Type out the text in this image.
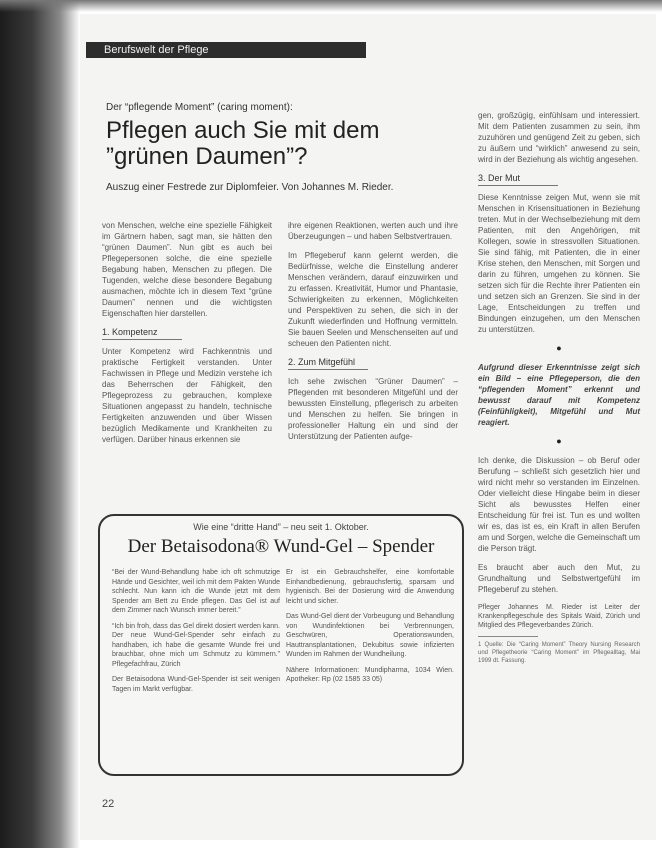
Berufswelt der Pflege
Der “pflegende Moment” (caring moment):
Pflegen auch Sie mit dem ”grünen Daumen”?
Auszug einer Festrede zur Diplomfeier. Von Johannes M. Rieder.

von Menschen, welche eine spezielle Fähigkeit im Gärtnern haben, sagt man, sie hätten den “grünen Daumen”. Nun gibt es auch bei Pflegepersonen solche, die eine spezielle Begabung haben, Menschen zu pflegen. Die Tugenden, welche diese besondere Begabung ausmachen, möchte ich in diesem Text “grüne Daumen” nennen und die wichtigsten Eigenschaften hier darstellen.

1. Kompetenz

Unter Kompetenz wird Fachkenntnis und praktische Fertigkeit verstanden. Unter Fachwissen in Pflege und Medizin verstehe ich das Beherrschen der Fähigkeit, den Pflegeprozess zu gebrauchen, komplexe Situationen angepasst zu handeln, technische Fertigkeiten anzuwenden und über Wissen bezüglich Medikamente und Krankheiten zu verfügen. Darüber hinaus erkennen sie

ihre eigenen Reaktionen, werten auch und ihre Überzeugungen – und haben Selbstvertrauen.

Im Pflegeberuf kann gelernt werden, die Bedürfnisse, welche die Einstellung anderer Menschen verändern, darauf einzuwirken und zu erfassen. Kreativität, Humor und Phantasie, Schwierigkeiten zu erkennen, Möglichkeiten und Perspektiven zu sehen, die sich in der Zukunft wiederfinden und Hoffnung vermitteln. Sie bauen Seelen und Menschenseiten auf und scheuen den Patienten nicht.

2. Zum Mitgefühl

Ich sehe zwischen “Grüner Daumen” – Pflegenden mit besonderen Mitgefühl und der bewussten Einstellung, pflegerisch zu arbeiten und Menschen zu helfen. Sie bringen in professioneller Haltung ein und sind der Unterstützung der Patienten aufge-

gen, großzügig, einfühlsam und interessiert. Mit dem Patienten zusammen zu sein, ihm zuzuhören und genügend Zeit zu geben, sich zu äußern und “wirklich” anwesend zu sein, wird in der Beziehung als wichtig angesehen.

3. Der Mut

Diese Kenntnisse zeigen Mut, wenn sie mit Menschen in Krisensituationen in Beziehung treten. Mut in der Wechselbeziehung mit dem Patienten, mit den Angehörigen, mit Kollegen, sowie in stressvollen Situationen. Sie sind fähig, mit Patienten, die in einer Krise stehen, den Menschen, mit Sorgen und darin zu führen, umgehen zu können. Sie setzen sich für die Rechte ihrer Patienten ein und setzen sich an Grenzen. Sie sind in der Lage, Entscheidungen zu treffen und Bindungen einzugehen, um den Menschen zu unterstützen.

●

Aufgrund dieser Erkenntnisse zeigt sich ein Bild – eine Pflegeperson, die den “pflegenden Moment” erkennt und bewusst darauf mit Kompetenz (Feinfühligkeit), Mitgefühl und Mut reagiert.

●

Ich denke, die Diskussion – ob Beruf oder Berufung – schließt sich gesetzlich hier und wird nicht mehr so verstanden im Einzelnen. Oder vielleicht diese Hingabe beim in dieser Sicht als bewusstes Helfen einer Entscheidung für frei ist. Tun es und wollten wir es, das ist es, ein Kraft in allen Berufen am und Sorgen, welche die Gemeinschaft um die Person trägt.

Es braucht aber auch den Mut, zu Grundhaltung und Selbstwertgefühl im Pflegeberuf zu stehen.

Pfleger Johannes M. Rieder ist Leiter der Krankenpflegeschule des Spitals Waid, Zürich und Mitglied des Pflegeverbandes Zürich.
1 Quelle: Die “Caring Moment” Theory Nursing Research und Pflegetheorie “Caring Moment” im Pflegealltag, Mai 1999 dt. Fassung.
Wie eine “dritte Hand” – neu seit 1. Oktober.
Der Betaisodona® Wund-Gel – Spender

“Bei der Wund-Behandlung habe ich oft schmutzige Hände und Gesichter, weil ich mit dem Pakten Wunde schlecht. Nun kann ich die Wunde jetzt mit dem Spender am Bett zu Ende pflegen. Das Gel ist auf dem Zimmer nach Wunsch immer bereit.”

“Ich bin froh, dass das Gel direkt dosiert werden kann. Der neue Wund-Gel-Spender sehr einfach zu handhaben, ich habe die gesamte Wunde frei und brauchbar, ohne mich um Schmutz zu kümmern.” Pflegefachfrau, Zürich

Der Betaisodona Wund-Gel-Spender ist seit wenigen Tagen im Markt verfügbar.

Er ist ein Gebrauchshelfer, eine komfortable Einhandbedienung, gebrauchsfertig, sparsam und hygienisch. Bei der Dosierung wird die Anwendung leicht und sicher.

Das Wund-Gel dient der Vorbeugung und Behandlung von Wundinfektionen bei Verbrennungen, Geschwüren, Operationswunden, Hauttransplantationen, Dekubitus sowie infizierten Wunden im Rahmen der Wundheilung.

Nähere Informationen: Mundipharma, 1034 Wien. Apotheker: Rp (02 1585 33 05)

22
